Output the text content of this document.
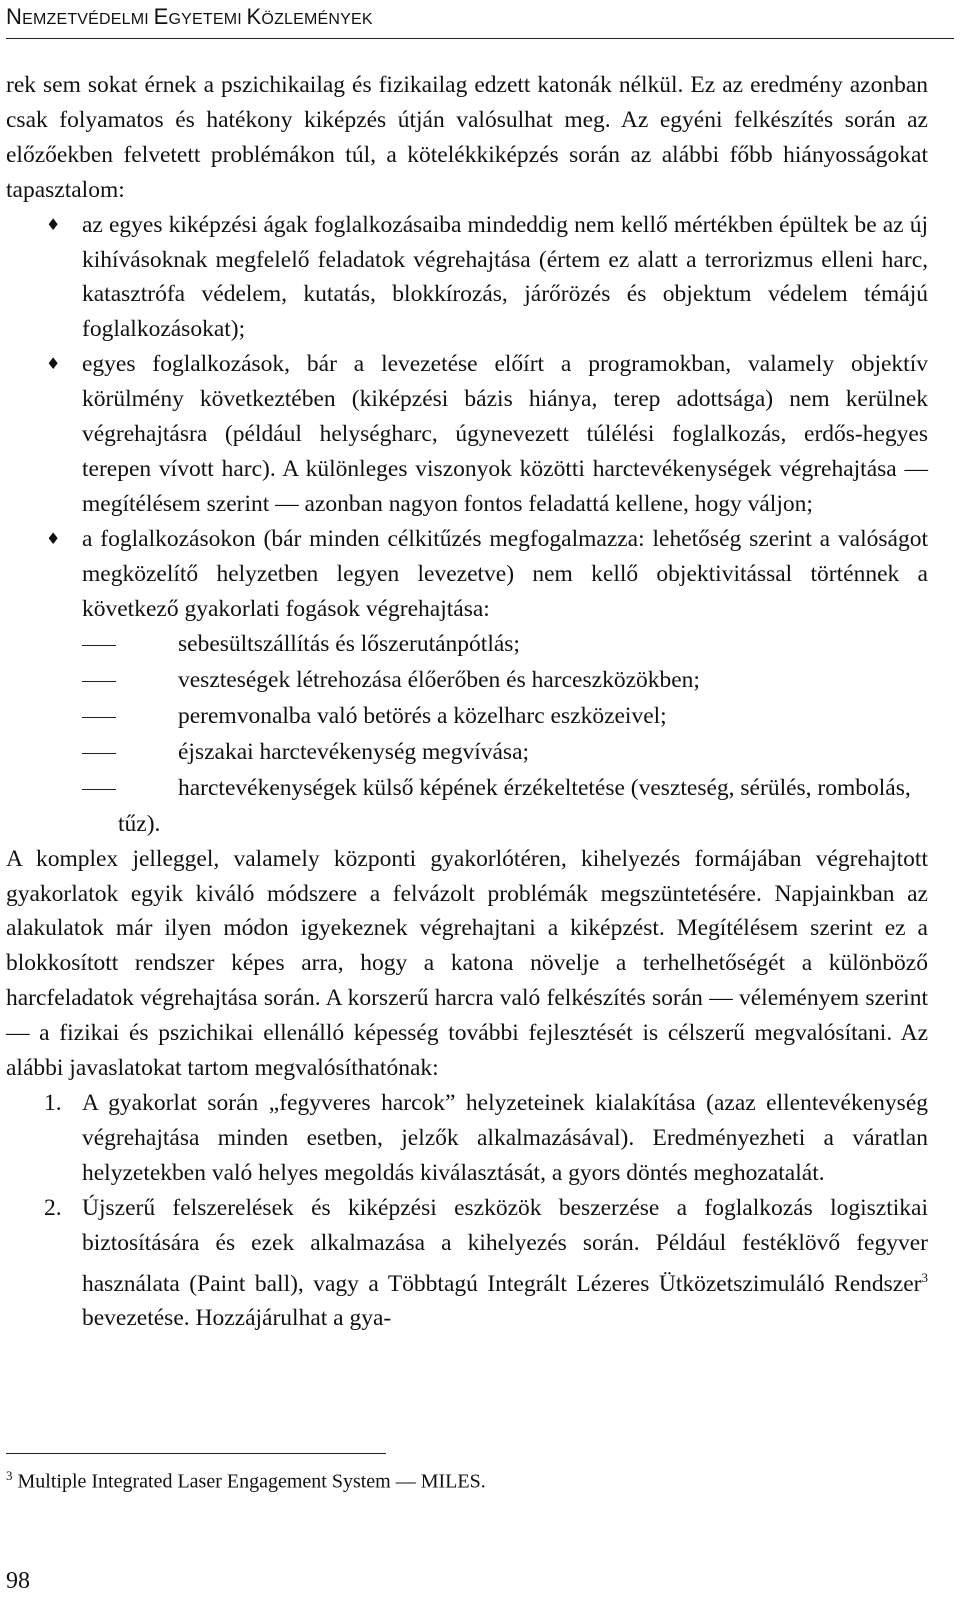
NEMZETVÉDELMI EGYETEMI KÖZLEMÉNYEK

rek sem sokat érnek a pszichikailag és fizikailag edzett katonák nélkül. Ez az eredmény azonban csak folyamatos és hatékony kiképzés útján valósulhat meg. Az egyéni felkészítés során az előzőekben felvetett problémákon túl, a kötelékkiképzés során az alábbi főbb hiányosságokat tapasztalom:

♦ az egyes kiképzési ágak foglalkozásaiba mindeddig nem kellő mértékben épültek be az új kihívásoknak megfelelő feladatok végrehajtása (értem ez alatt a terrorizmus elleni harc, katasztrófa védelem, kutatás, blokkírozás, járőrözés és objektum védelem témájú foglalkozásokat);
♦ egyes foglalkozások, bár a levezetése előírt a programokban, valamely objektív körülmény következtében (kiképzési bázis hiánya, terep adottsága) nem kerülnek végrehajtásra (például helységharc, úgynevezett túlélési foglalkozás, erdős-hegyes terepen vívott harc). A különleges viszonyok közötti harctevékenységek végrehajtása — megítélésem szerint — azonban nagyon fontos feladattá kellene, hogy váljon;
♦ a foglalkozásokon (bár minden célkitűzés megfogalmazza: lehetőség szerint a valóságot megközelítő helyzetben legyen levezetve) nem kellő objektivitással történnek a következő gyakorlati fogások végrehajtása:
sebesültszállítás és lőszerutánpótlás;
veszteségek létrehozása élőerőben és harceszközökben;
peremvonalba való betörés a közelharc eszközeivel;
éjszakai harctevékenység megvívása;
harctevékenységek külső képének érzékeltetése (veszteség, sérülés, rombolás, tűz).

A komplex jelleggel, valamely központi gyakorlótéren, kihelyezés formájában végrehajtott gyakorlatok egyik kiváló módszere a felvázolt problémák megszüntetésére. Napjainkban az alakulatok már ilyen módon igyekeznek végrehajtani a kiképzést. Megítélésem szerint ez a blokkosított rendszer képes arra, hogy a katona növelje a terhelhetőségét a különböző harcfeladatok végrehajtása során. A korszerű harcra való felkészítés során — véleményem szerint — a fizikai és pszichikai ellenálló képesség további fejlesztését is célszerű megvalósítani. Az alábbi javaslatokat tartom megvalósíthatónak:

1. A gyakorlat során „fegyveres harcok” helyzeteinek kialakítása (azaz ellentevékenység végrehajtása minden esetben, jelzők alkalmazásával). Eredményezheti a váratlan helyzetekben való helyes megoldás kiválasztását, a gyors döntés meghozatalát.
2. Újszerű felszerelések és kiképzési eszközök beszerzése a foglalkozás logisztikai biztosítására és ezek alkalmazása a kihelyezés során. Például festéklövő fegyver használata (Paint ball), vagy a Többtagú Integrált Lézeres Ütközetszimuláló Rendszer$^3$ bevezetése. Hozzájárulhat a gya-
$^3$ Multiple Integrated Laser Engagement System — MILES.
98
